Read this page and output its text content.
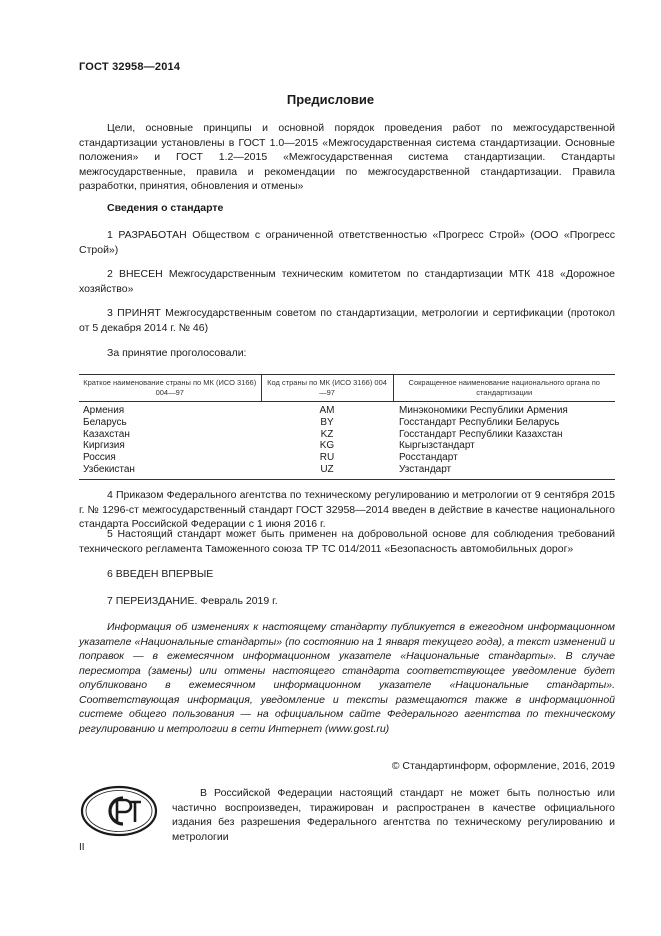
ГОСТ 32958—2014
Предисловие

Цели, основные принципы и основной порядок проведения работ по межгосударственной стандартизации установлены в ГОСТ 1.0—2015 «Межгосударственная система стандартизации. Основные положения» и ГОСТ 1.2—2015 «Межгосударственная система стандартизации. Стандарты межгосударственные, правила и рекомендации по межгосударственной стандартизации. Правила разработки, принятия, обновления и отмены»

Сведения о стандарте

1 РАЗРАБОТАН Обществом с ограниченной ответственностью «Прогресс Строй» (ООО «Прогресс Строй»)

2 ВНЕСЕН Межгосударственным техническим комитетом по стандартизации МТК 418 «Дорожное хозяйство»

3 ПРИНЯТ Межгосударственным советом по стандартизации, метрологии и сертификации (протокол от 5 декабря 2014 г. № 46)

За принятие проголосовали:

Краткое наименование страны по МК (ИСО 3166) 004—97	Код страны по МК (ИСО 3166) 004—97	Сокращенное наименование национального органа по стандартизации
Армения	AM	Минэкономики Республики Армения
Беларусь	BY	Госстандарт Республики Беларусь
Казахстан	KZ	Госстандарт Республики Казахстан
Киргизия	KG	Кыргызстандарт
Россия	RU	Росстандарт
Узбекистан	UZ	Узстандарт

4 Приказом Федерального агентства по техническому регулированию и метрологии от 9 сентября 2015 г. № 1296-ст межгосударственный стандарт ГОСТ 32958—2014 введен в действие в качестве национального стандарта Российской Федерации с 1 июня 2016 г.

5 Настоящий стандарт может быть применен на добровольной основе для соблюдения требований технического регламента Таможенного союза ТР ТС 014/2011 «Безопасность автомобильных дорог»

6 ВВЕДЕН ВПЕРВЫЕ

7 ПЕРЕИЗДАНИЕ. Февраль 2019 г.

Информация об изменениях к настоящему стандарту публикуется в ежегодном информационном указателе «Национальные стандарты» (по состоянию на 1 января текущего года), а текст изменений и поправок — в ежемесячном информационном указателе «Национальные стандарты». В случае пересмотра (замены) или отмены настоящего стандарта соответствующее уведомление будет опубликовано в ежемесячном информационном указателе «Национальные стандарты». Соответствующая информация, уведомление и тексты размещаются также в информационной системе общего пользования — на официальном сайте Федерального агентства по техническому регулированию и метрологии в сети Интернет (www.gost.ru)

© Стандартинформ, оформление, 2016, 2019

В Российской Федерации настоящий стандарт не может быть полностью или частично воспроизведен, тиражирован и распространен в качестве официального издания без разрешения Федерального агентства по техническому регулированию и метрологии

II
